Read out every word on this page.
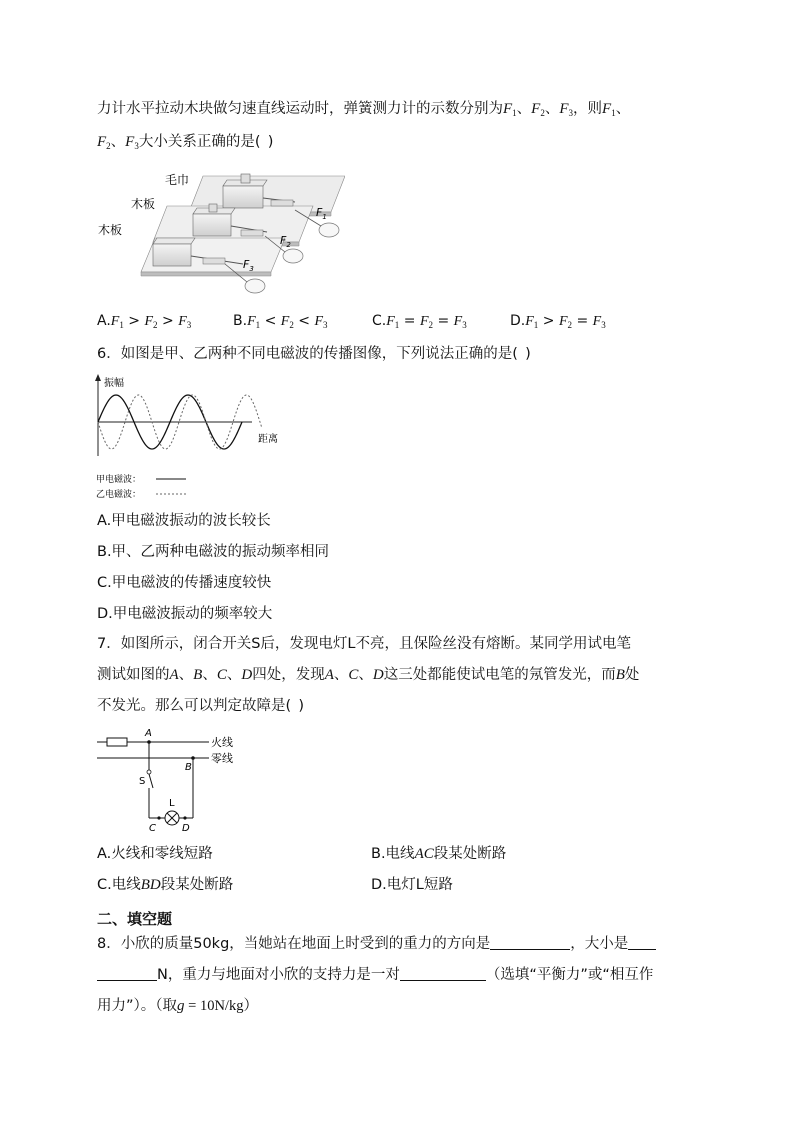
力计水平拉动木块做匀速直线运动时，弹簧测力计的示数分别为$F_1$、$F_2$、$F_3$，则$F_1$、
$F_2$、$F_3$大小关系正确的是( )
毛巾
木板
木板
$F_1$
$F_2$
$F_3$
$A.F_1 > F_2 > F_3$	$B.F_1 < F_2 < F_3$	$C.F_1 = F_2 = F_3$	$D.F_1 > F_2 = F_3$
6．如图是甲、乙两种不同电磁波的传播图像，下列说法正确的是( )
振幅
距离
甲电磁波：
乙电磁波：
A.甲电磁波振动的波长较长
B.甲、乙两种电磁波的振动频率相同
C.甲电磁波的传播速度较快
D.甲电磁波振动的频率较大
7．如图所示，闭合开关S后，发现电灯L不亮，且保险丝没有熔断。某同学用试电笔
测试如图的A、B、C、D四处，发现A、C、D这三处都能使试电笔的氖管发光，而B处
不发光。那么可以判定故障是( )
火线
零线
A
S
B
L
C	D
A.火线和零线短路	B.电线AC段某处断路
C.电线BD段某处断路	D.电灯L短路
二、填空题
8．小欣的质量50kg，当她站在地面上时受到的重力的方向是	，大小是
N，重力与地面对小欣的支持力是一对	（选填“平衡力”或“相互作
用力”）。（取g = 10N/kg）
